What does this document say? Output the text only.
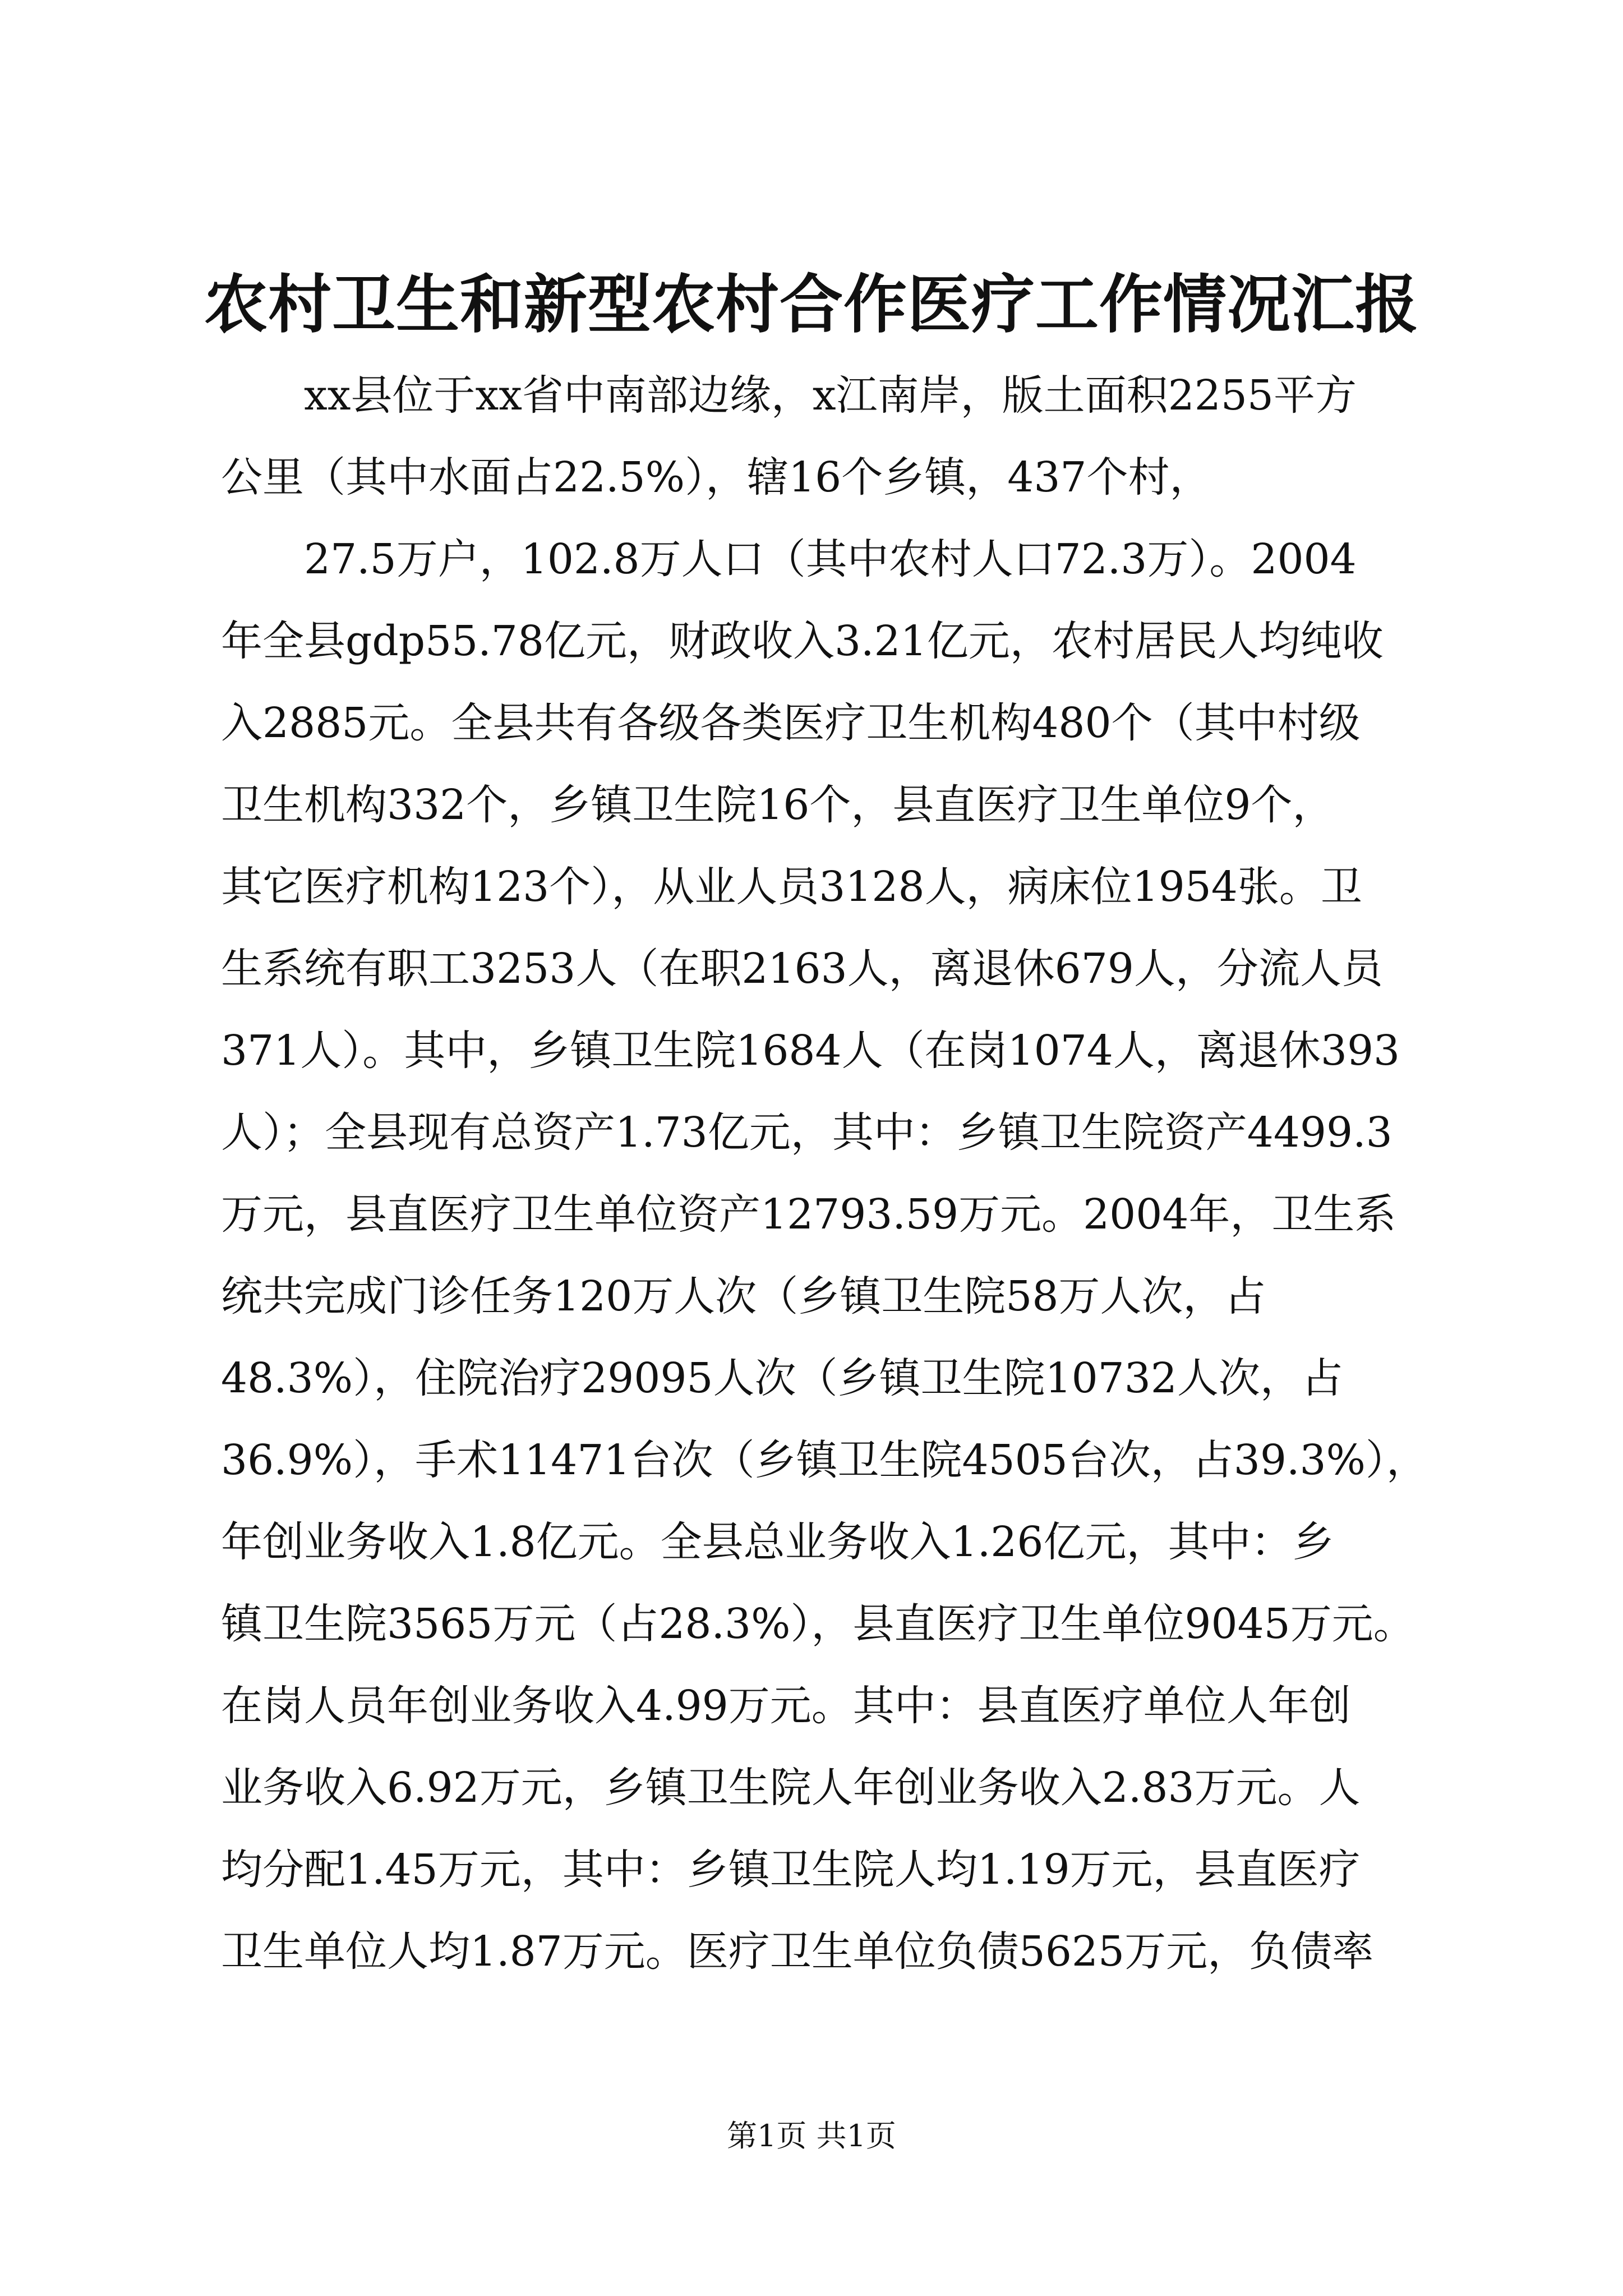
农村卫生和新型农村合作医疗工作情况汇报
xx县位于xx省中南部边缘，x江南岸，版土面积2255平方
公里（其中水面占22.5%），辖16个乡镇，437个村，
27.5万户，102.8万人口（其中农村人口72.3万）。2004
年全县gdp55.78亿元，财政收入3.21亿元，农村居民人均纯收
入2885元。全县共有各级各类医疗卫生机构480个（其中村级
卫生机构332个，乡镇卫生院16个，县直医疗卫生单位9个，
其它医疗机构123个），从业人员3128人，病床位1954张。卫
生系统有职工3253人（在职2163人，离退休679人，分流人员
371人）。其中，乡镇卫生院1684人（在岗1074人，离退休393
人）；全县现有总资产1.73亿元，其中：乡镇卫生院资产4499.3
万元，县直医疗卫生单位资产12793.59万元。2004年，卫生系
统共完成门诊任务120万人次（乡镇卫生院58万人次，占
48.3%），住院治疗29095人次（乡镇卫生院10732人次，占
36.9%），手术11471台次（乡镇卫生院4505台次，占39.3%），
年创业务收入1.8亿元。全县总业务收入1.26亿元，其中：乡
镇卫生院3565万元（占28.3%），县直医疗卫生单位9045万元。
在岗人员年创业务收入4.99万元。其中：县直医疗单位人年创
业务收入6.92万元，乡镇卫生院人年创业务收入2.83万元。人
均分配1.45万元，其中：乡镇卫生院人均1.19万元，县直医疗
卫生单位人均1.87万元。医疗卫生单位负债5625万元，负债率
第1页 共1页
